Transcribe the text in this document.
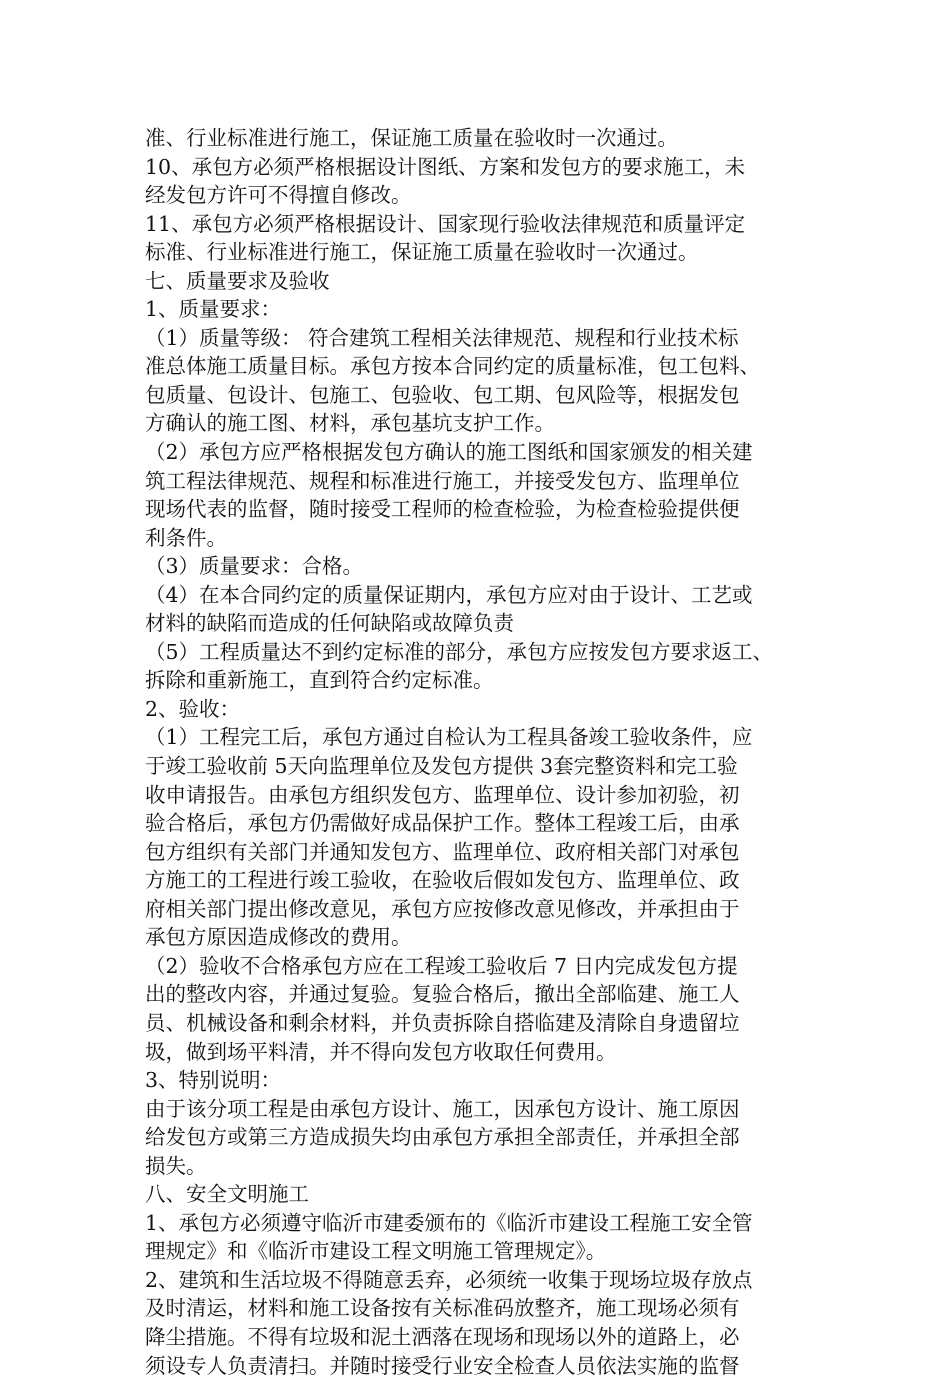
准、行业标准进行施工，保证施工质量在验收时一次通过。
10、承包方必须严格根据设计图纸、方案和发包方的要求施工，未
经发包方许可不得擅自修改。
11、承包方必须严格根据设计、国家现行验收法律规范和质量评定
标准、行业标准进行施工，保证施工质量在验收时一次通过。
七、质量要求及验收
1、质量要求：
（1）质量等级： 符合建筑工程相关法律规范、规程和行业技术标
准总体施工质量目标。承包方按本合同约定的质量标准，包工包料、
包质量、包设计、包施工、包验收、包工期、包风险等，根据发包
方确认的施工图、材料，承包基坑支护工作。
（2）承包方应严格根据发包方确认的施工图纸和国家颁发的相关建
筑工程法律规范、规程和标准进行施工，并接受发包方、监理单位
现场代表的监督，随时接受工程师的检查检验，为检查检验提供便
利条件。
（3）质量要求：合格。
（4）在本合同约定的质量保证期内，承包方应对由于设计、工艺或
材料的缺陷而造成的任何缺陷或故障负责
（5）工程质量达不到约定标准的部分，承包方应按发包方要求返工、
拆除和重新施工，直到符合约定标准。
2、验收：
（1）工程完工后，承包方通过自检认为工程具备竣工验收条件，应
于竣工验收前 5天向监理单位及发包方提供 3套完整资料和完工验
收申请报告。由承包方组织发包方、监理单位、设计参加初验，初
验合格后，承包方仍需做好成品保护工作。整体工程竣工后，由承
包方组织有关部门并通知发包方、监理单位、政府相关部门对承包
方施工的工程进行竣工验收，在验收后假如发包方、监理单位、政
府相关部门提出修改意见，承包方应按修改意见修改，并承担由于
承包方原因造成修改的费用。
（2）验收不合格承包方应在工程竣工验收后 7 日内完成发包方提
出的整改内容，并通过复验。复验合格后，撤出全部临建、施工人
员、机械设备和剩余材料，并负责拆除自搭临建及清除自身遗留垃
圾，做到场平料清，并不得向发包方收取任何费用。
3、特别说明：
由于该分项工程是由承包方设计、施工，因承包方设计、施工原因
给发包方或第三方造成损失均由承包方承担全部责任，并承担全部
损失。
八、安全文明施工
1、承包方必须遵守临沂市建委颁布的《临沂市建设工程施工安全管
理规定》和《临沂市建设工程文明施工管理规定》。
2、建筑和生活垃圾不得随意丢弃，必须统一收集于现场垃圾存放点
及时清运，材料和施工设备按有关标准码放整齐，施工现场必须有
降尘措施。不得有垃圾和泥土洒落在现场和现场以外的道路上，必
须设专人负责清扫。并随时接受行业安全检查人员依法实施的监督
